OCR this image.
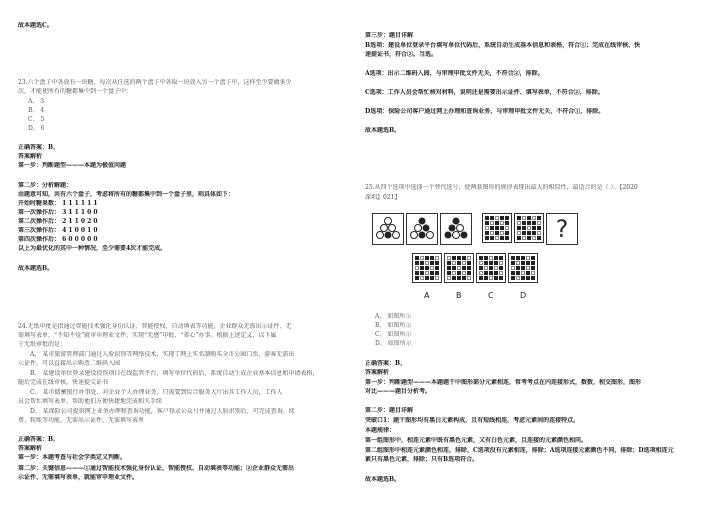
故本题选C。
23.六个盘子中各放有一块糖，每次从任选的两个盘子中各取一块放入另一个盘子中，这样至少要做多少
次，才能使所有的糖都集中到一个盘子中：
A、 3
B、 4
C、 5
D、 6
正确答案：B，
答案解析
第一步：判断题型———本题为极值问题
第二步：分析解题：
由题意可知，共有六个盘子，考虑将所有的糖都集中到一个盘子里，则具体如下：
开始时糖果数： 1 1 1 1 1 1
第一次操作后： 3 1 1 1 0 0
第二次操作后： 2 1 1 0 2 0
第三次操作后： 4 1 0 0 1 0
第四次操作后： 6 0 0 0 0 0
以上为最优化的其中一种情况，至少需要4次才能完成。
故本题选B。
24.无纸申批是指通过智能技术强化身份认证、智能授权、自动填表等功能，企业群众无需出示证件、无
需填写表单，“不知不觉”就审申理业文件，实现“无感”申批，“省心”办事。根据上述定义，以下属
于无纸审批的是：
A、 某市旅游管理部门通过人脸识别等网络技术，实现了网上实名制购买全市公园门票，游客无需出
示证件，可以直接出示购票二维码入园
B、 某建设单位登录建设投资项目在线监管平台，填写单位代码后，系统自动生成企业基本信息和申请表格，
随后完成在线审核，快速提交证书
C、 某市储蓄银行办事处，对企业个人办理业务，只需要到综合服务大厅出具工作人员，工作人
员会帮忙填写表单，帮助他们方便快捷地完成相关手续
D、 某保险公司提供网上业务办理和查询功能，客户登录公众号并通过人脸识别后，可完成查询、续
费、转账等功能，无需出示证件、无需填写表单
正确答案：B，
答案解析
第一步：本题考查与社会学类定义判断。
第二步：关键信息———①通过智能技术强化身份认证、智能授权、自动填表等功能；②企业群众无需出
示证件、无需填写表单，就能审申理业文件。
第三步：题目详解
B选项：建设单位登录平台填写单位代码后，系统自动生成基本信息和表格，符合①；完成在线审核、快
速提证书，符合②。当选。
A选项：出示二维码入园，与审理申批文件无关，不符合②，排除。
C选项：工作人员会帮忙核对材料，说明还是需要出示证件、填写表单，不符合②，排除。
D选项：保险公司客户通过网上办理和查询业务，与审理申批文件无关，不符合①，排除。
故本题选B。
25.从四个选项中选择一个替代选号，使两套图形的规律表现出最大的相似性，最适合的是（ ）。【2020
深圳】021】
?
A	B	C	D
A、 如图所示
B、 如图所示
C、 如图所示
D、 如图所示
正确答案：B，
答案解析
第一步：判断题型———本题题干中图形部分元素相连，常考考点在内连接形式，数数，相交图形，图形
对比———题目分析考。
第二步：题目详解
突破口1：题干图形均有黑白元素构成，且有短线相连，考虑元素间的连接特点。
本题规律：
第一组图形中，相连元素中既有黑色元素，又有白色元素，且连接的元素颜色相同。
第二组图形中相连元素颜色相连，排除，C选项没有元素相连，排除；A选项连接元素颜色不同，排除；D选项相连元
素只有黑色元素，排除；只有B选项符合。
故本题选B。
